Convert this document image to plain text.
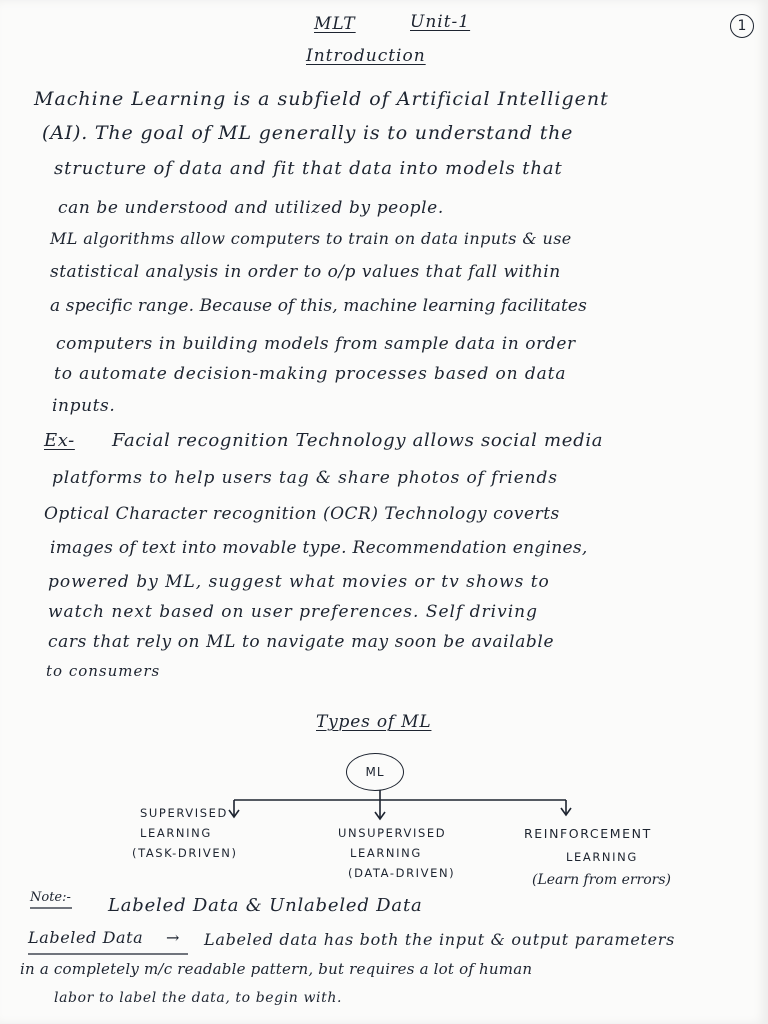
MLT	Unit-1	1
Introduction
Machine Learning is a subfield of Artificial Intelligent
(AI). The goal of ML generally is to understand the
structure of data and fit that data into models that
can be understood and utilized by people.
ML algorithms allow computers to train on data inputs & use
statistical analysis in order to o/p values that fall within
a specific range. Because of this, machine learning facilitates
computers in building models from sample data in order
to automate decision-making processes based on data
inputs.
Ex- Facial recognition Technology allows social media
platforms to help users tag & share photos of friends
Optical Character recognition (OCR) Technology coverts
images of text into movable type. Recommendation engines,
powered by ML, suggest what movies or tv shows to
watch next based on user preferences. Self driving
cars that rely on ML to navigate may soon be available
to consumers
Types of ML
ML
SUPERVISED
LEARNING
(TASK-DRIVEN)
UNSUPERVISED
LEARNING
(DATA-DRIVEN)
REINFORCEMENT
LEARNING
(Learn from errors)
Note:- Labeled Data & Unlabeled Data
Labeled Data → Labeled data has both the input & output parameters
in a completely m/c readable pattern, but requires a lot of human
labor to label the data, to begin with.
